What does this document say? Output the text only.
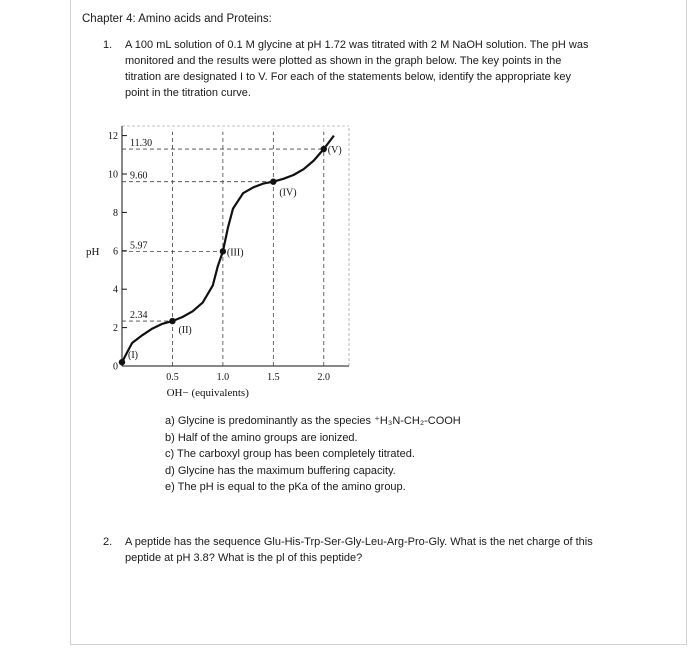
Chapter 4: Amino acids and Proteins:
1. A 100 mL solution of 0.1 M glycine at pH 1.72 was titrated with 2 M NaOH solution. The pH was
monitored and the results were plotted as shown in the graph below. The key points in the
titration are designated I to V. For each of the statements below, identify the appropriate key
point in the titration curve.
0
2
4
6
8
10
12
pH
0.5	1.0	1.5	2.0
OH− (equivalents)
2.34
5.97
9.60
11.30
(I)
(II)
(III)
(IV)
(V)
a) Glycine is predominantly as the species ⁺H₃N-CH₂-COOH
b) Half of the amino groups are ionized.
c) The carboxyl group has been completely titrated.
d) Glycine has the maximum buffering capacity.
e) The pH is equal to the pKa of the amino group.
2. A peptide has the sequence Glu-His-Trp-Ser-Gly-Leu-Arg-Pro-Gly. What is the net charge of this
peptide at pH 3.8? What is the pl of this peptide?
